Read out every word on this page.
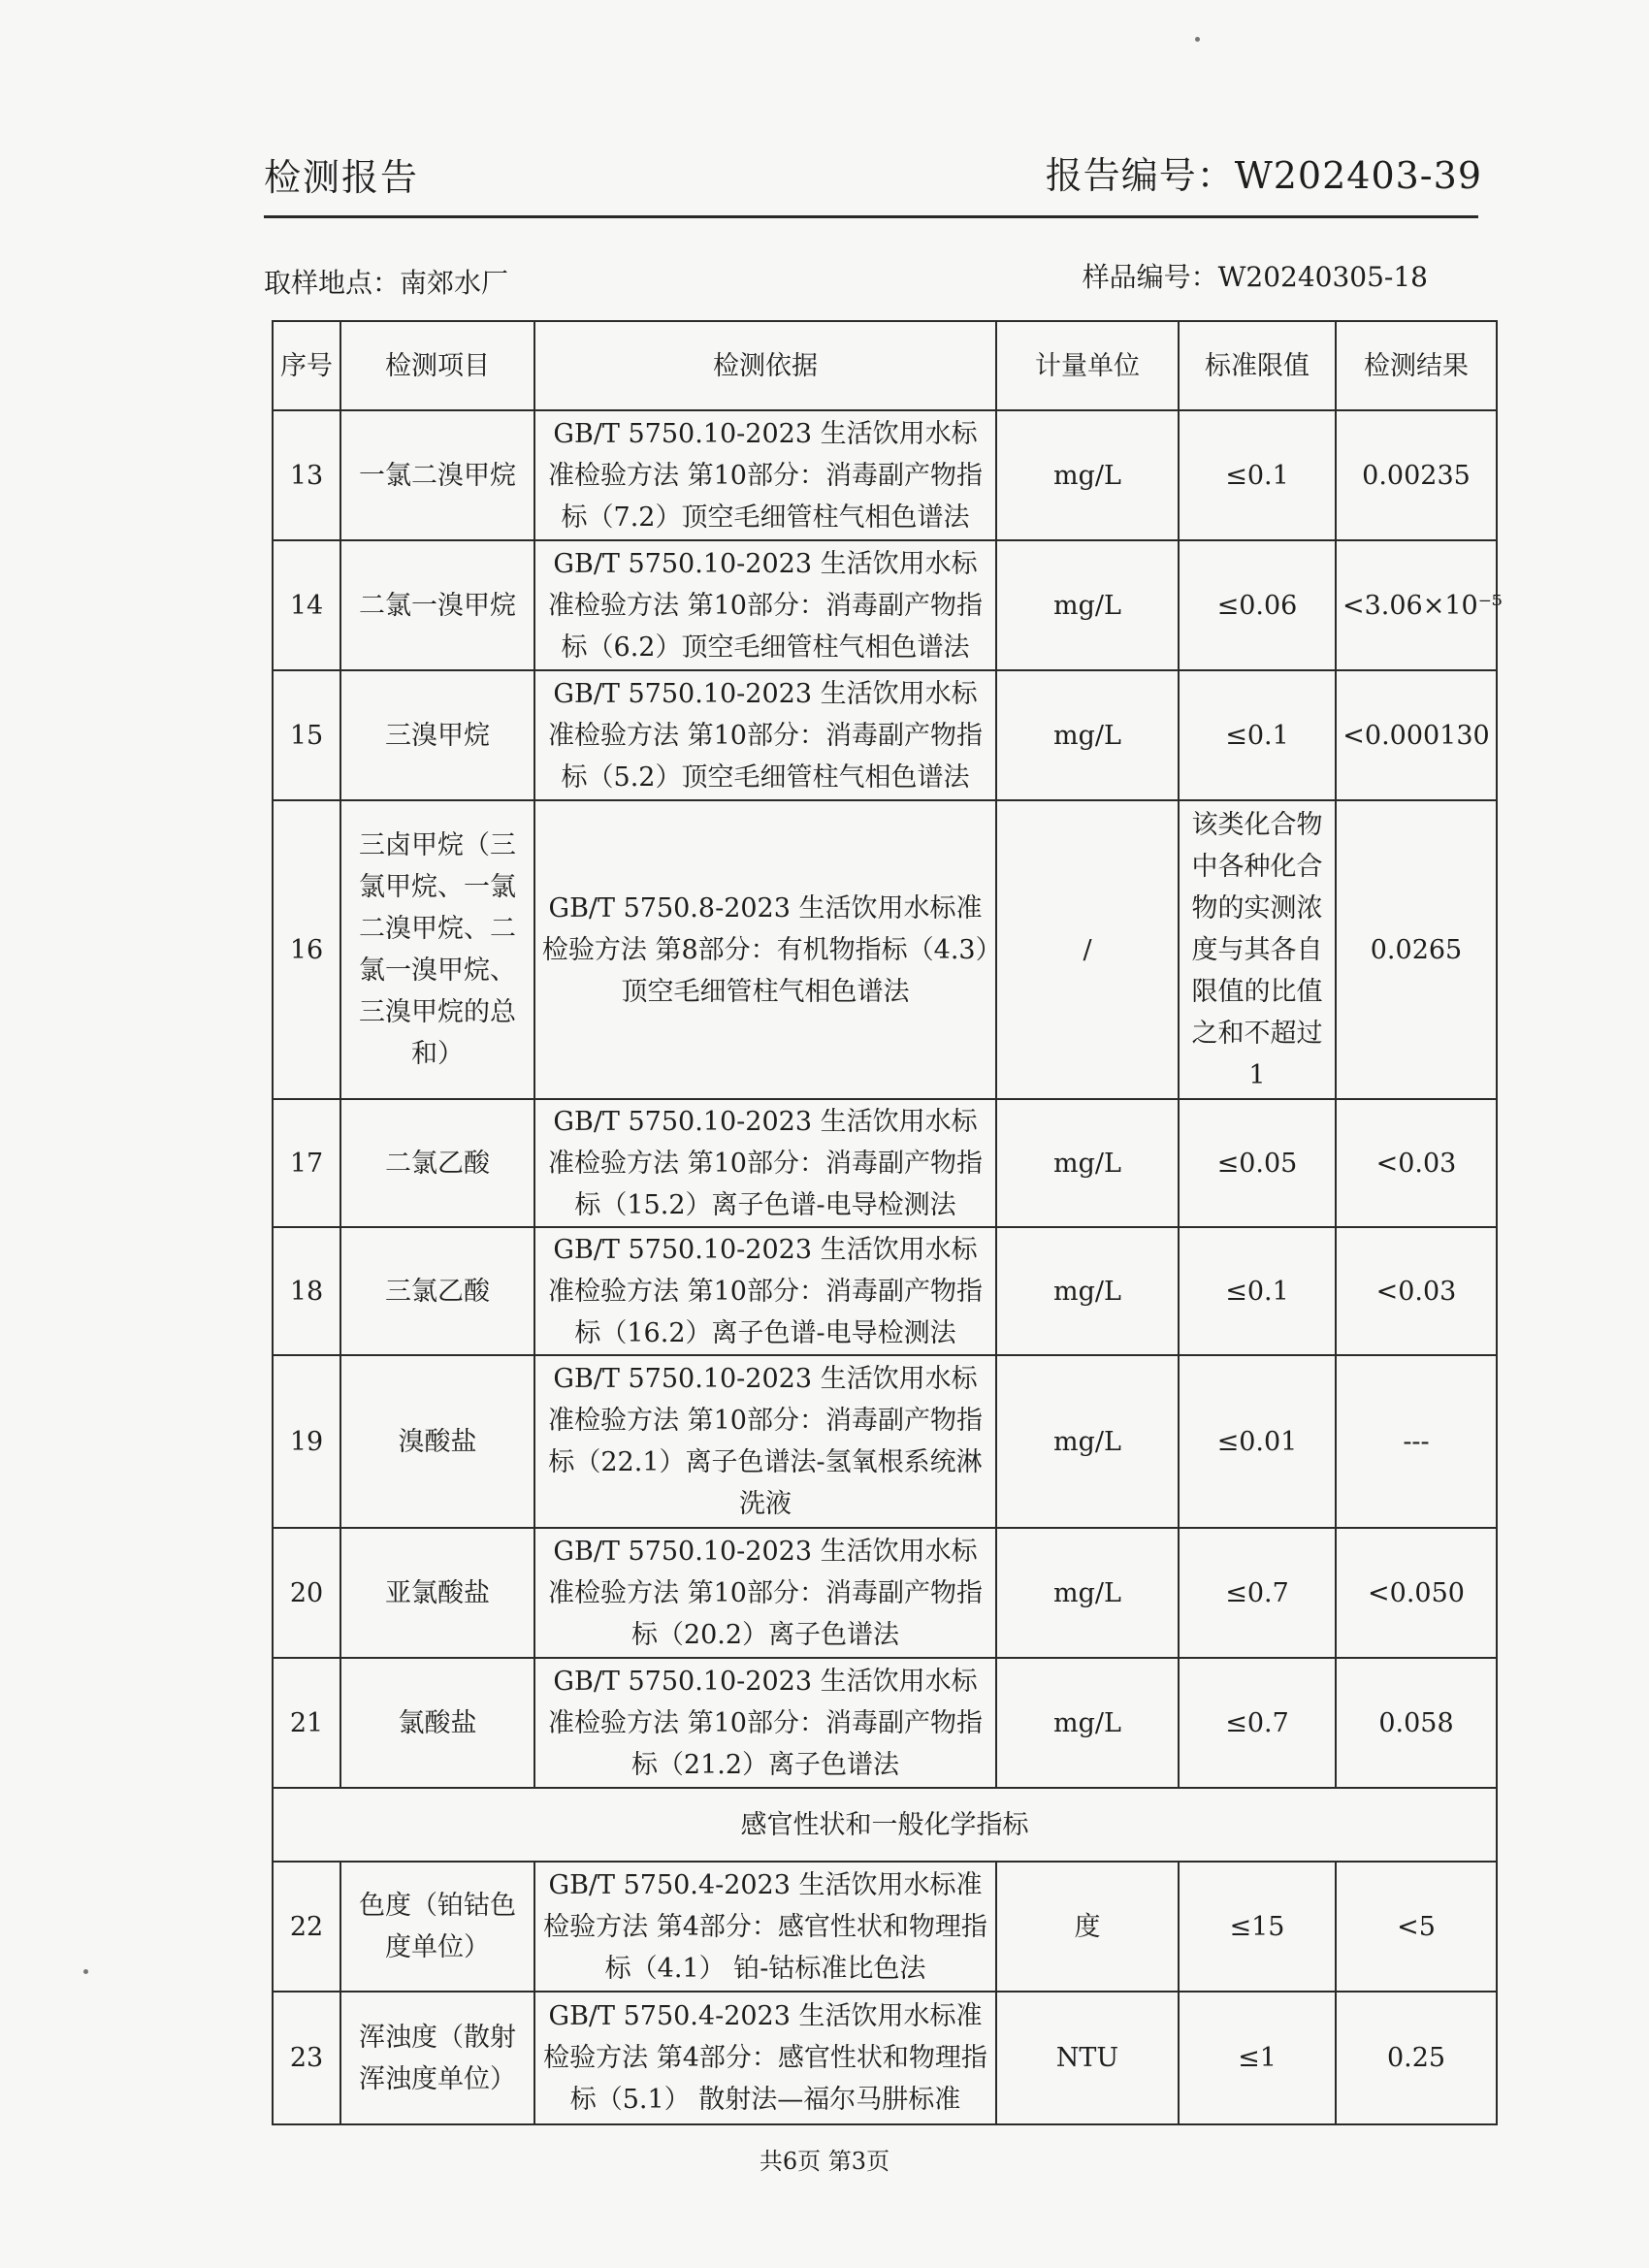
检测报告	报告编号：W202403-39
取样地点：南郊水厂	样品编号：W20240305-18
序号	检测项目	检测依据	计量单位	标准限值	检测结果
13	一氯二溴甲烷	GB/T 5750.10-2023 生活饮用水标准检验方法 第10部分：消毒副产物指标（7.2）顶空毛细管柱气相色谱法	mg/L	≤0.1	0.00235
14	二氯一溴甲烷	GB/T 5750.10-2023 生活饮用水标准检验方法 第10部分：消毒副产物指标（6.2）顶空毛细管柱气相色谱法	mg/L	≤0.06	<3.06×10⁻⁵
15	三溴甲烷	GB/T 5750.10-2023 生活饮用水标准检验方法 第10部分：消毒副产物指标（5.2）顶空毛细管柱气相色谱法	mg/L	≤0.1	<0.000130
16	三卤甲烷（三氯甲烷、一氯二溴甲烷、二氯一溴甲烷、三溴甲烷的总和）	GB/T 5750.8-2023 生活饮用水标准检验方法 第8部分：有机物指标（4.3）顶空毛细管柱气相色谱法	/	该类化合物中各种化合物的实测浓度与其各自限值的比值之和不超过1	0.0265
17	二氯乙酸	GB/T 5750.10-2023 生活饮用水标准检验方法 第10部分：消毒副产物指标（15.2）离子色谱-电导检测法	mg/L	≤0.05	<0.03
18	三氯乙酸	GB/T 5750.10-2023 生活饮用水标准检验方法 第10部分：消毒副产物指标（16.2）离子色谱-电导检测法	mg/L	≤0.1	<0.03
19	溴酸盐	GB/T 5750.10-2023 生活饮用水标准检验方法 第10部分：消毒副产物指标（22.1）离子色谱法-氢氧根系统淋洗液	mg/L	≤0.01	---
20	亚氯酸盐	GB/T 5750.10-2023 生活饮用水标准检验方法 第10部分：消毒副产物指标（20.2）离子色谱法	mg/L	≤0.7	<0.050
21	氯酸盐	GB/T 5750.10-2023 生活饮用水标准检验方法 第10部分：消毒副产物指标（21.2）离子色谱法	mg/L	≤0.7	0.058
感官性状和一般化学指标					
22	色度（铂钴色度单位）	GB/T 5750.4-2023 生活饮用水标准检验方法 第4部分：感官性状和物理指标（4.1） 铂-钴标准比色法	度	≤15	<5
23	浑浊度（散射浑浊度单位）	GB/T 5750.4-2023 生活饮用水标准检验方法 第4部分：感官性状和物理指标（5.1） 散射法—福尔马肼标准	NTU	≤1	0.25
共6页 第3页
